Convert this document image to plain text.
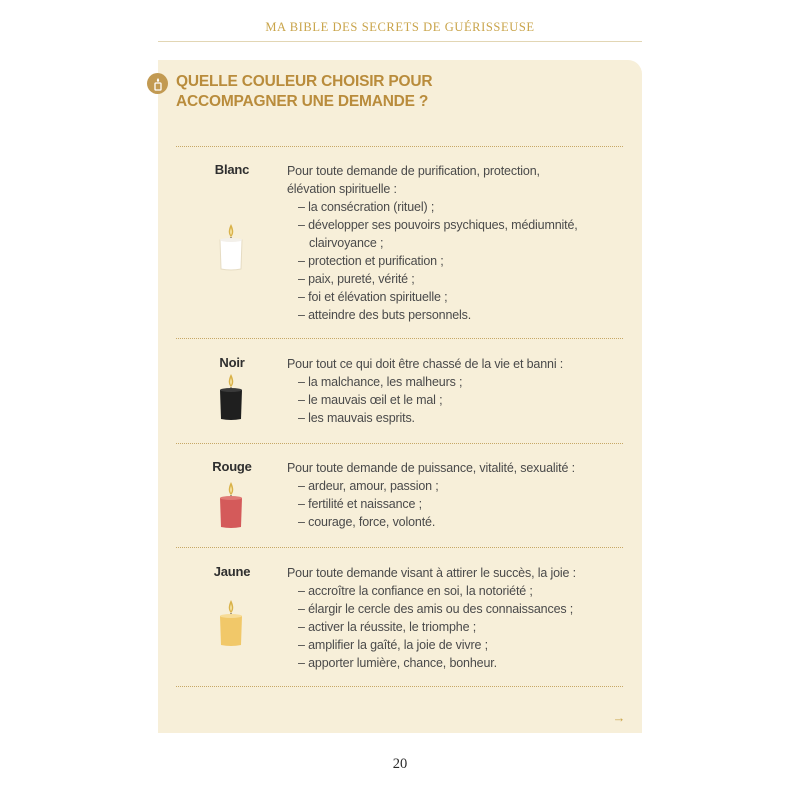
MA BIBLE DES SECRETS DE GUÉRISSEUSE
QUELLE COULEUR CHOISIR POUR
ACCOMPAGNER UNE DEMANDE ?
Blanc	Pour toute demande de purification, protection,
élévation spirituelle :
– la consécration (rituel) ;
– développer ses pouvoirs psychiques, médiumnité,
clairvoyance ;
– protection et purification ;
– paix, pureté, vérité ;
– foi et élévation spirituelle ;
– atteindre des buts personnels.
Noir	Pour tout ce qui doit être chassé de la vie et banni :
– la malchance, les malheurs ;
– le mauvais œil et le mal ;
– les mauvais esprits.
Rouge	Pour toute demande de puissance, vitalité, sexualité :
– ardeur, amour, passion ;
– fertilité et naissance ;
– courage, force, volonté.
Jaune	Pour toute demande visant à attirer le succès, la joie :
– accroître la confiance en soi, la notoriété ;
– élargir le cercle des amis ou des connaissances ;
– activer la réussite, le triomphe ;
– amplifier la gaîté, la joie de vivre ;
– apporter lumière, chance, bonheur.
→
20
